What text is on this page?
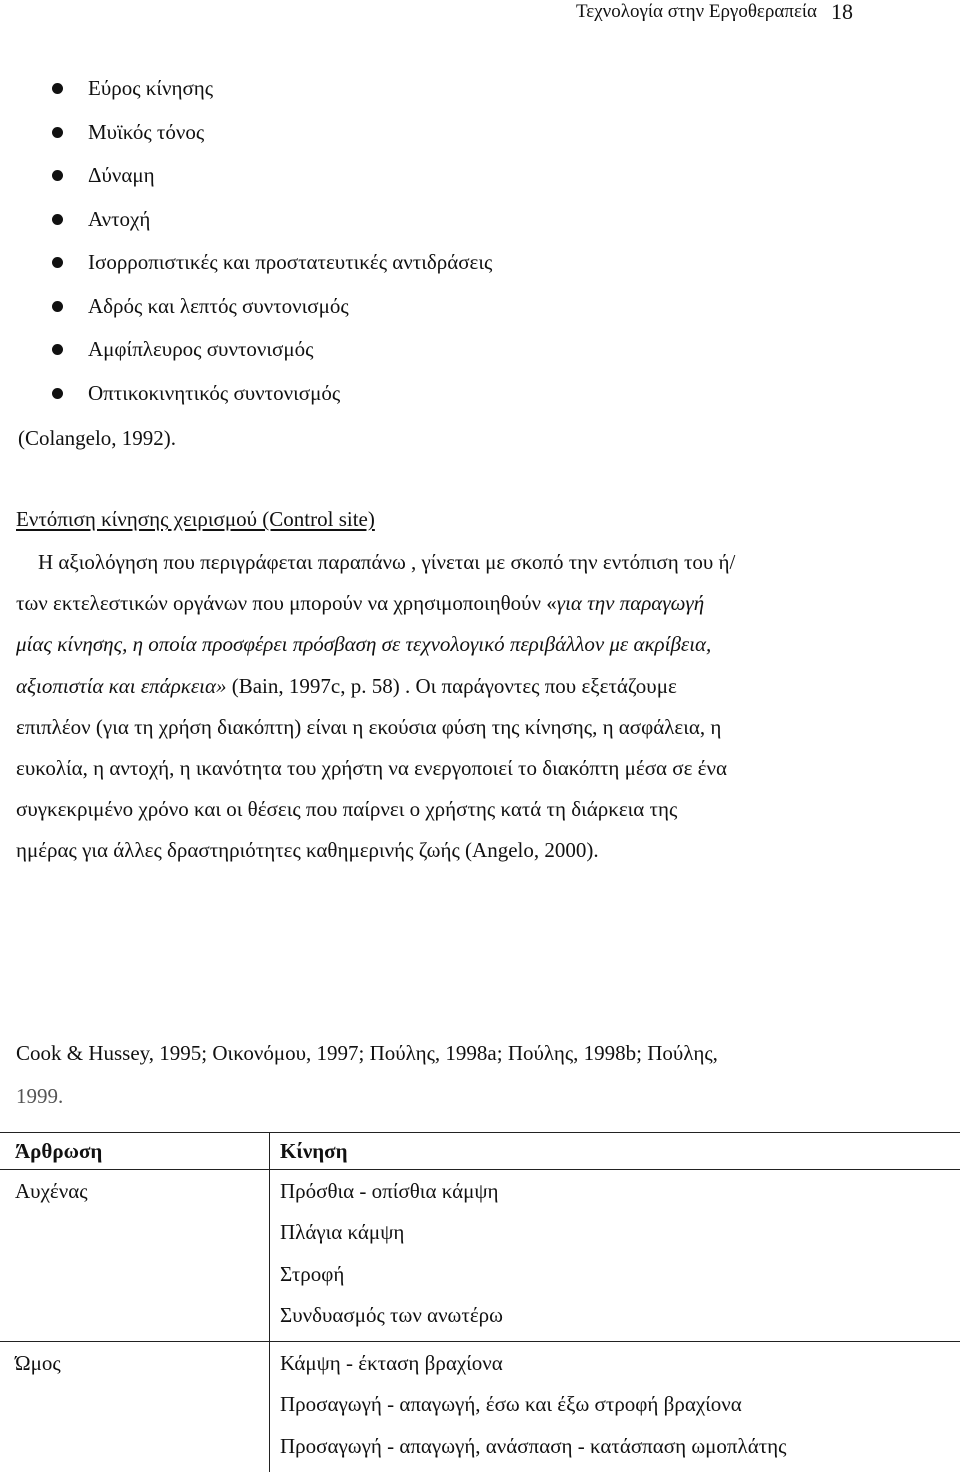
Τεχνολογία στην Εργοθεραπεία 18
Εύρος κίνησης
Μυϊκός τόνος
Δύναμη
Αντοχή
Ισορροπιστικές και προστατευτικές αντιδράσεις
Αδρός και λεπτός συντονισμός
Αμφίπλευρος συντονισμός
Οπτικοκινητικός συντονισμός
(Colangelo, 1992).
Εντόπιση κίνησης χειρισμού (Control site)
Η αξιολόγηση που περιγράφεται παραπάνω , γίνεται με σκοπό την εντόπιση του ή/
των εκτελεστικών οργάνων που μπορούν να χρησιμοποιηθούν «για την παραγωγή
μίας κίνησης, η οποία προσφέρει πρόσβαση σε τεχνολογικό περιβάλλον με ακρίβεια,
αξιοπιστία και επάρκεια» (Bain, 1997c, p. 58) . Οι παράγοντες που εξετάζουμε
επιπλέον (για τη χρήση διακόπτη) είναι η εκούσια φύση της κίνησης, η ασφάλεια, η
ευκολία, η αντοχή, η ικανότητα του χρήστη να ενεργοποιεί το διακόπτη μέσα σε ένα
συγκεκριμένο χρόνο και οι θέσεις που παίρνει ο χρήστης κατά τη διάρκεια της
ημέρας για άλλες δραστηριότητες καθημερινής ζωής (Angelo, 2000).
Cook & Hussey, 1995; Οικονόμου, 1997; Πούλης, 1998a; Πούλης, 1998b; Πούλης,
1999.
Άρθρωση	Κίνηση

Αυχένας	Πρόσθια - οπίσθια κάμψη
Πλάγια κάμψη
Στροφή
Συνδυασμός των ανωτέρω

Ώμος	Κάμψη - έκταση βραχίονα
Προσαγωγή - απαγωγή, έσω και έξω στροφή βραχίονα
Προσαγωγή - απαγωγή, ανάσπαση - κατάσπαση ωμοπλάτης
